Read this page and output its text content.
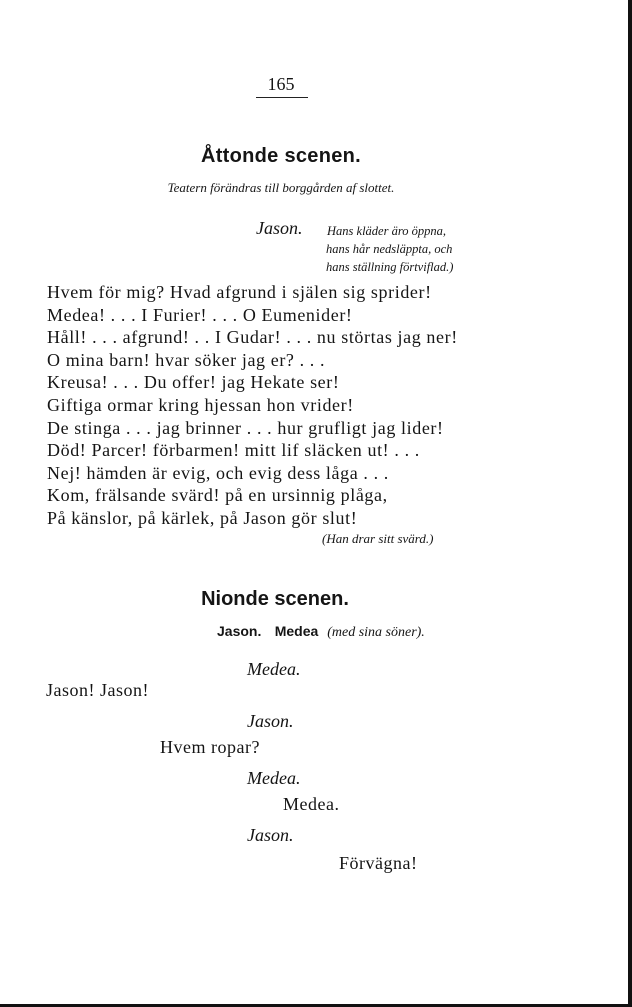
165
Åttonde scenen.
Teatern förändras till borggården af slottet.
Jason. Hans kläder äro öppna,
hans hår nedsläppta, och
hans ställning förtviflad.)
Hvem för mig? Hvad afgrund i själen sig sprider!
Medea! . . . I Furier! . . . O Eumenider!
Håll! . . . afgrund! . . I Gudar! . . . nu störtas jag ner!
O mina barn! hvar söker jag er? . . .
Kreusa! . . . Du offer! jag Hekate ser!
Giftiga ormar kring hjessan hon vrider!
De stinga . . . jag brinner . . . hur grufligt jag lider!
Död! Parcer! förbarmen! mitt lif släcken ut! . . .
Nej! hämden är evig, och evig dess låga . . .
Kom, frälsande svärd! på en ursinnig plåga,
På känslor, på kärlek, på Jason gör slut!
(Han drar sitt svärd.)
Nionde scenen.
Jason. Medea (med sina söner).
Medea.
Jason! Jason!
Jason.
Hvem ropar?
Medea.
Medea.
Jason.
Förvägna!
